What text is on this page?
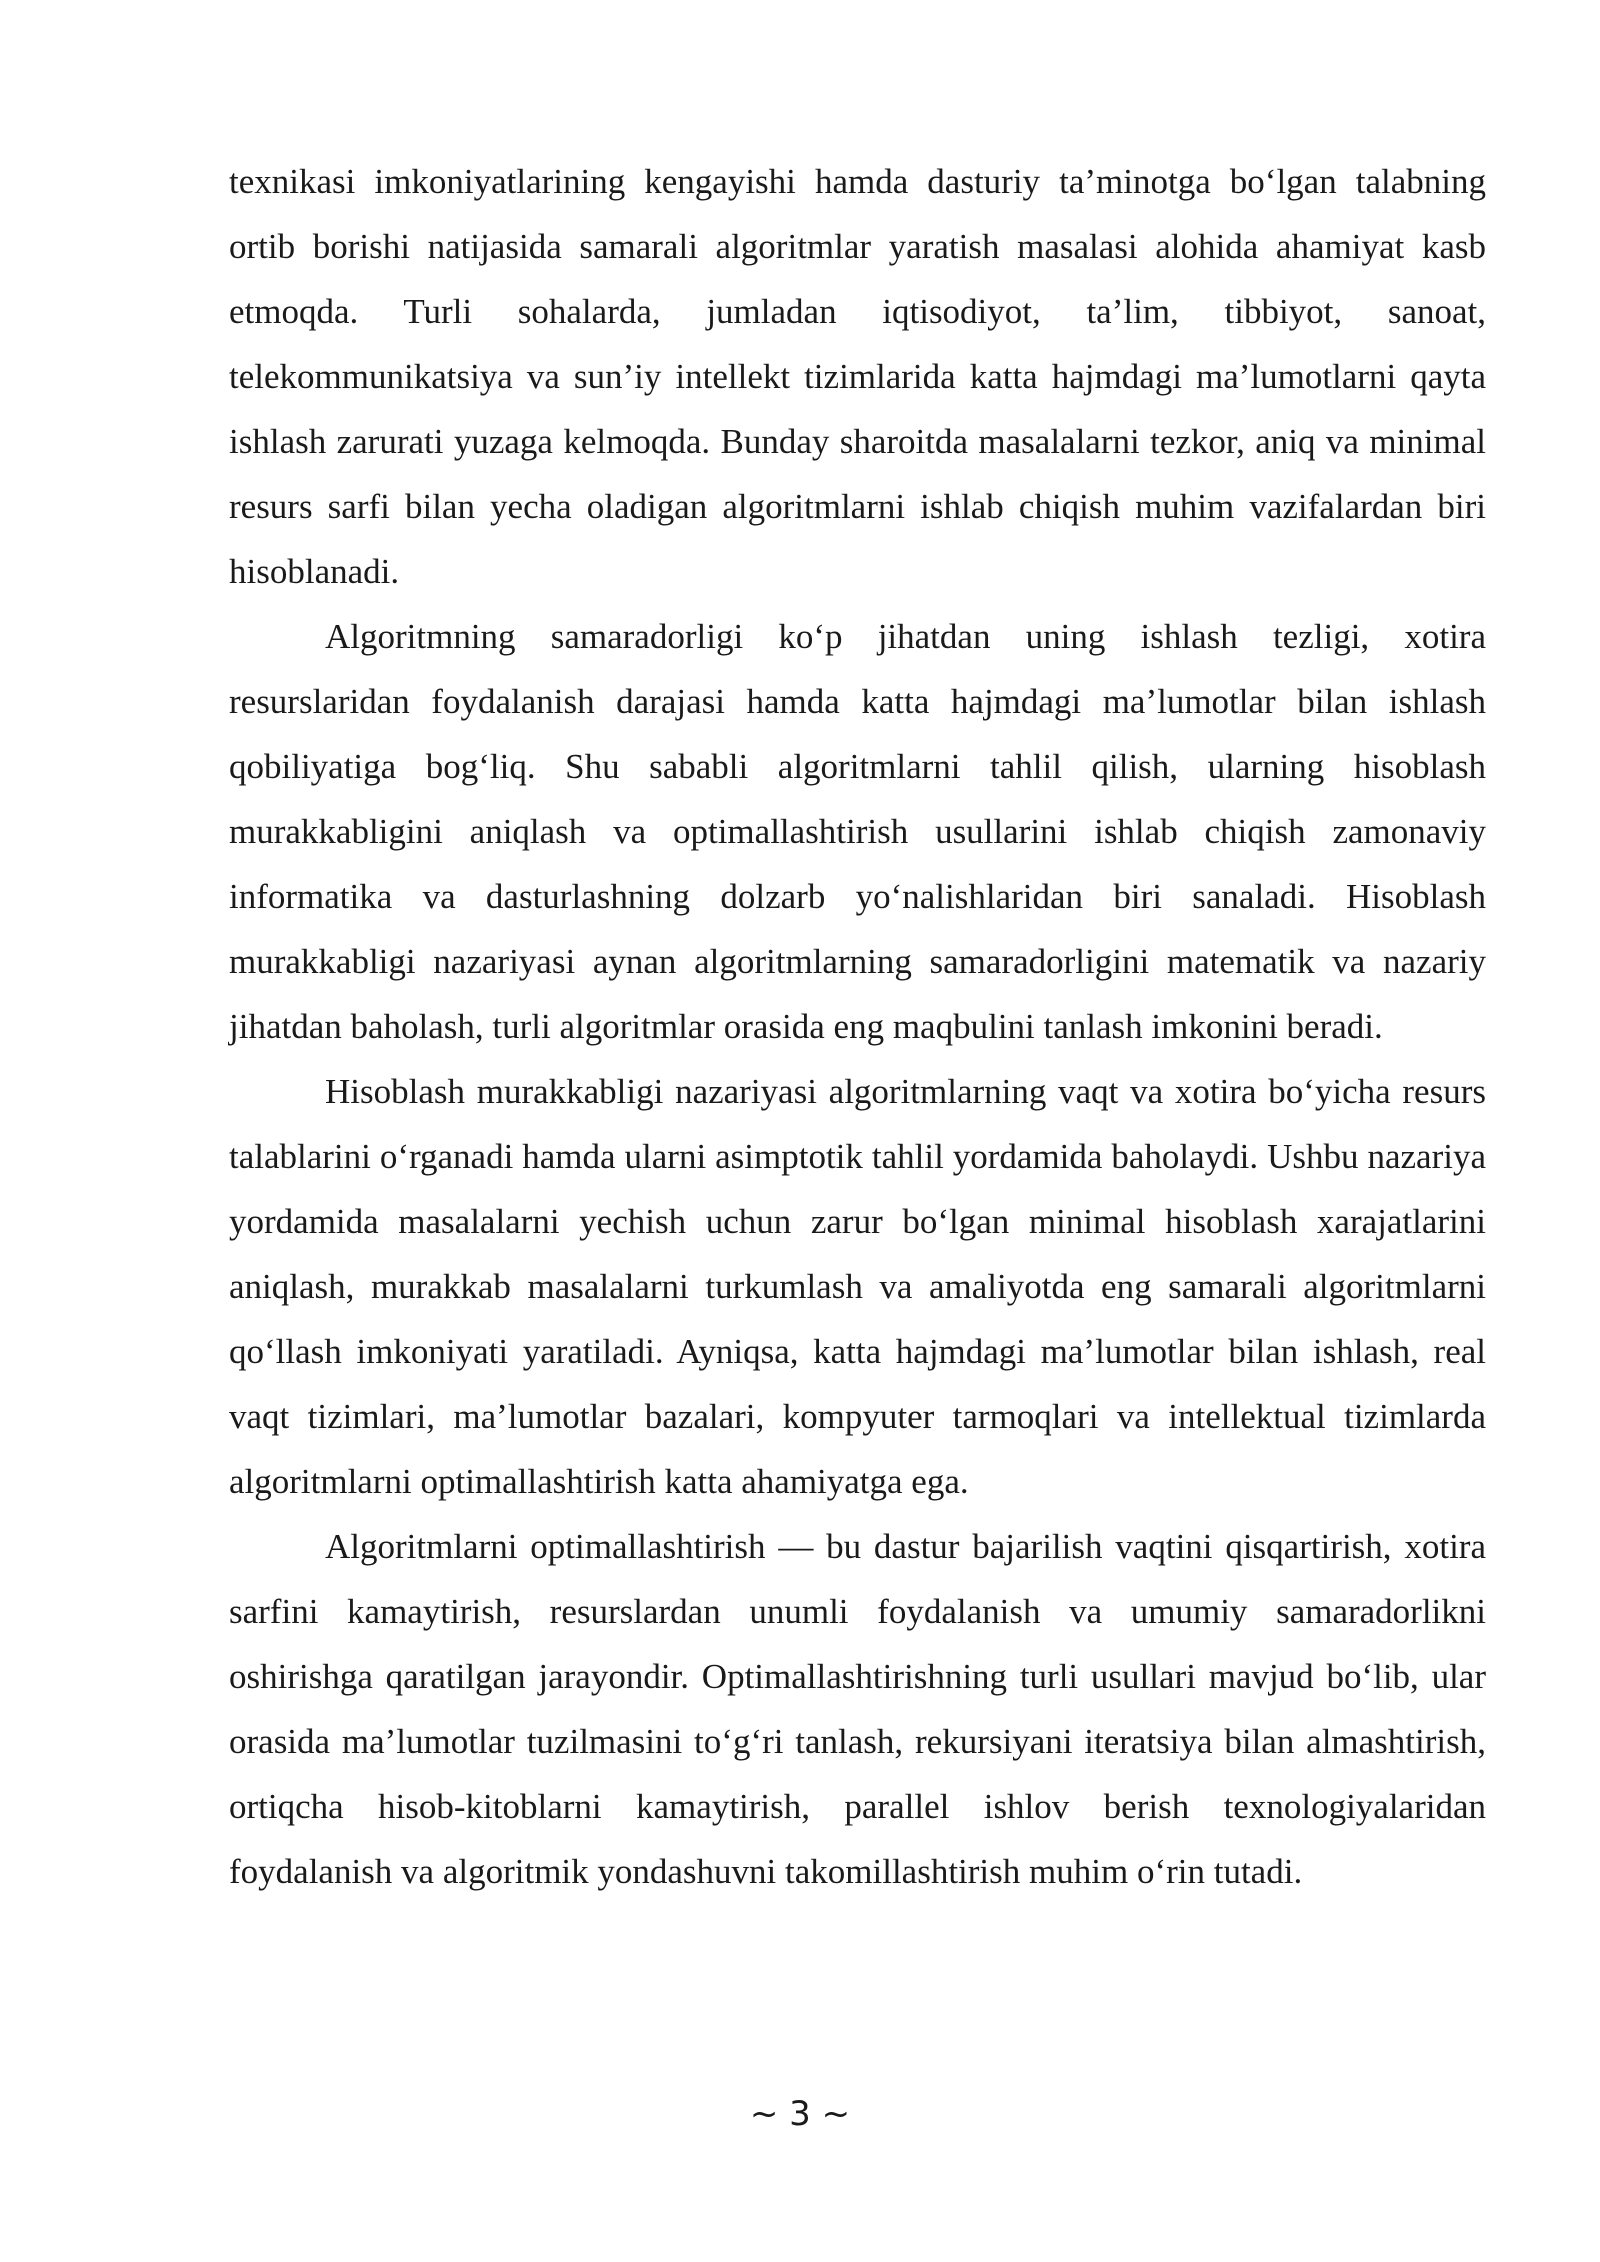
texnikasi imkoniyatlarining kengayishi hamda dasturiy ta’minotga bo‘lgan talabning ortib borishi natijasida samarali algoritmlar yaratish masalasi alohida ahamiyat kasb etmoqda. Turli sohalarda, jumladan iqtisodiyot, ta’lim, tibbiyot, sanoat, telekommunikatsiya va sun’iy intellekt tizimlarida katta hajmdagi ma’lumotlarni qayta ishlash zarurati yuzaga kelmoqda. Bunday sharoitda masalalarni tezkor, aniq va minimal resurs sarfi bilan yecha oladigan algoritmlarni ishlab chiqish muhim vazifalardan biri hisoblanadi.

Algoritmning samaradorligi ko‘p jihatdan uning ishlash tezligi, xotira resurslaridan foydalanish darajasi hamda katta hajmdagi ma’lumotlar bilan ishlash qobiliyatiga bog‘liq. Shu sababli algoritmlarni tahlil qilish, ularning hisoblash murakkabligini aniqlash va optimallashtirish usullarini ishlab chiqish zamonaviy informatika va dasturlashning dolzarb yo‘nalishlaridan biri sanaladi. Hisoblash murakkabligi nazariyasi aynan algoritmlarning samaradorligini matematik va nazariy jihatdan baholash, turli algoritmlar orasida eng maqbulini tanlash imkonini beradi.

Hisoblash murakkabligi nazariyasi algoritmlarning vaqt va xotira bo‘yicha resurs talablarini o‘rganadi hamda ularni asimptotik tahlil yordamida baholaydi. Ushbu nazariya yordamida masalalarni yechish uchun zarur bo‘lgan minimal hisoblash xarajatlarini aniqlash, murakkab masalalarni turkumlash va amaliyotda eng samarali algoritmlarni qo‘llash imkoniyati yaratiladi. Ayniqsa, katta hajmdagi ma’lumotlar bilan ishlash, real vaqt tizimlari, ma’lumotlar bazalari, kompyuter tarmoqlari va intellektual tizimlarda algoritmlarni optimallashtirish katta ahamiyatga ega.

Algoritmlarni optimallashtirish — bu dastur bajarilish vaqtini qisqartirish, xotira sarfini kamaytirish, resurslardan unumli foydalanish va umumiy samaradorlikni oshirishga qaratilgan jarayondir. Optimallashtirishning turli usullari mavjud bo‘lib, ular orasida ma’lumotlar tuzilmasini to‘g‘ri tanlash, rekursiyani iteratsiya bilan almashtirish, ortiqcha hisob-kitoblarni kamaytirish, parallel ishlov berish texnologiyalaridan foydalanish va algoritmik yondashuvni takomillashtirish muhim o‘rin tutadi.

~ 3 ~
